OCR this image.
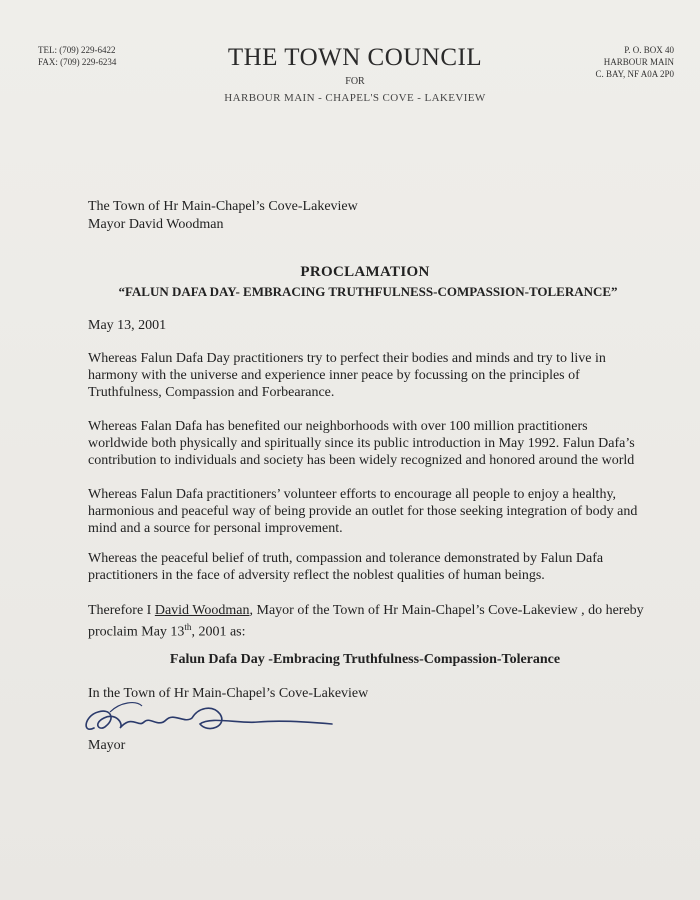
TEL: (709) 229-6422
FAX: (709) 229-6234	THE TOWN COUNCIL
FOR
HARBOUR MAIN - CHAPEL'S COVE - LAKEVIEW
P. O. BOX 40
HARBOUR MAIN
C. BAY, NF A0A 2P0
The Town of Hr Main-Chapel’s Cove-Lakeview
Mayor David Woodman
PROCLAMATION
“FALUN DAFA DAY- EMBRACING TRUTHFULNESS-COMPASSION-TOLERANCE”
May 13, 2001

Whereas Falun Dafa Day practitioners try to perfect their bodies and minds and try to live in harmony with the universe and experience inner peace by focussing on the principles of Truthfulness, Compassion and Forbearance.

Whereas Falan Dafa has benefited our neighborhoods with over 100 million practitioners worldwide both physically and spiritually since its public introduction in May 1992. Falun Dafa’s contribution to individuals and society has been widely recognized and honored around the world

Whereas Falun Dafa practitioners’ volunteer efforts to encourage all people to enjoy a healthy, harmonious and peaceful way of being provide an outlet for those seeking integration of body and mind and a source for personal improvement.

Whereas the peaceful belief of truth, compassion and tolerance demonstrated by Falun Dafa practitioners in the face of adversity reflect the noblest qualities of human beings.

Therefore I David Woodman, Mayor of the Town of Hr Main-Chapel’s Cove-Lakeview , do hereby proclaim May 13th, 2001 as:

Falun Dafa Day -Embracing Truthfulness-Compassion-Tolerance
In the Town of Hr Main-Chapel’s Cove-Lakeview
Mayor
